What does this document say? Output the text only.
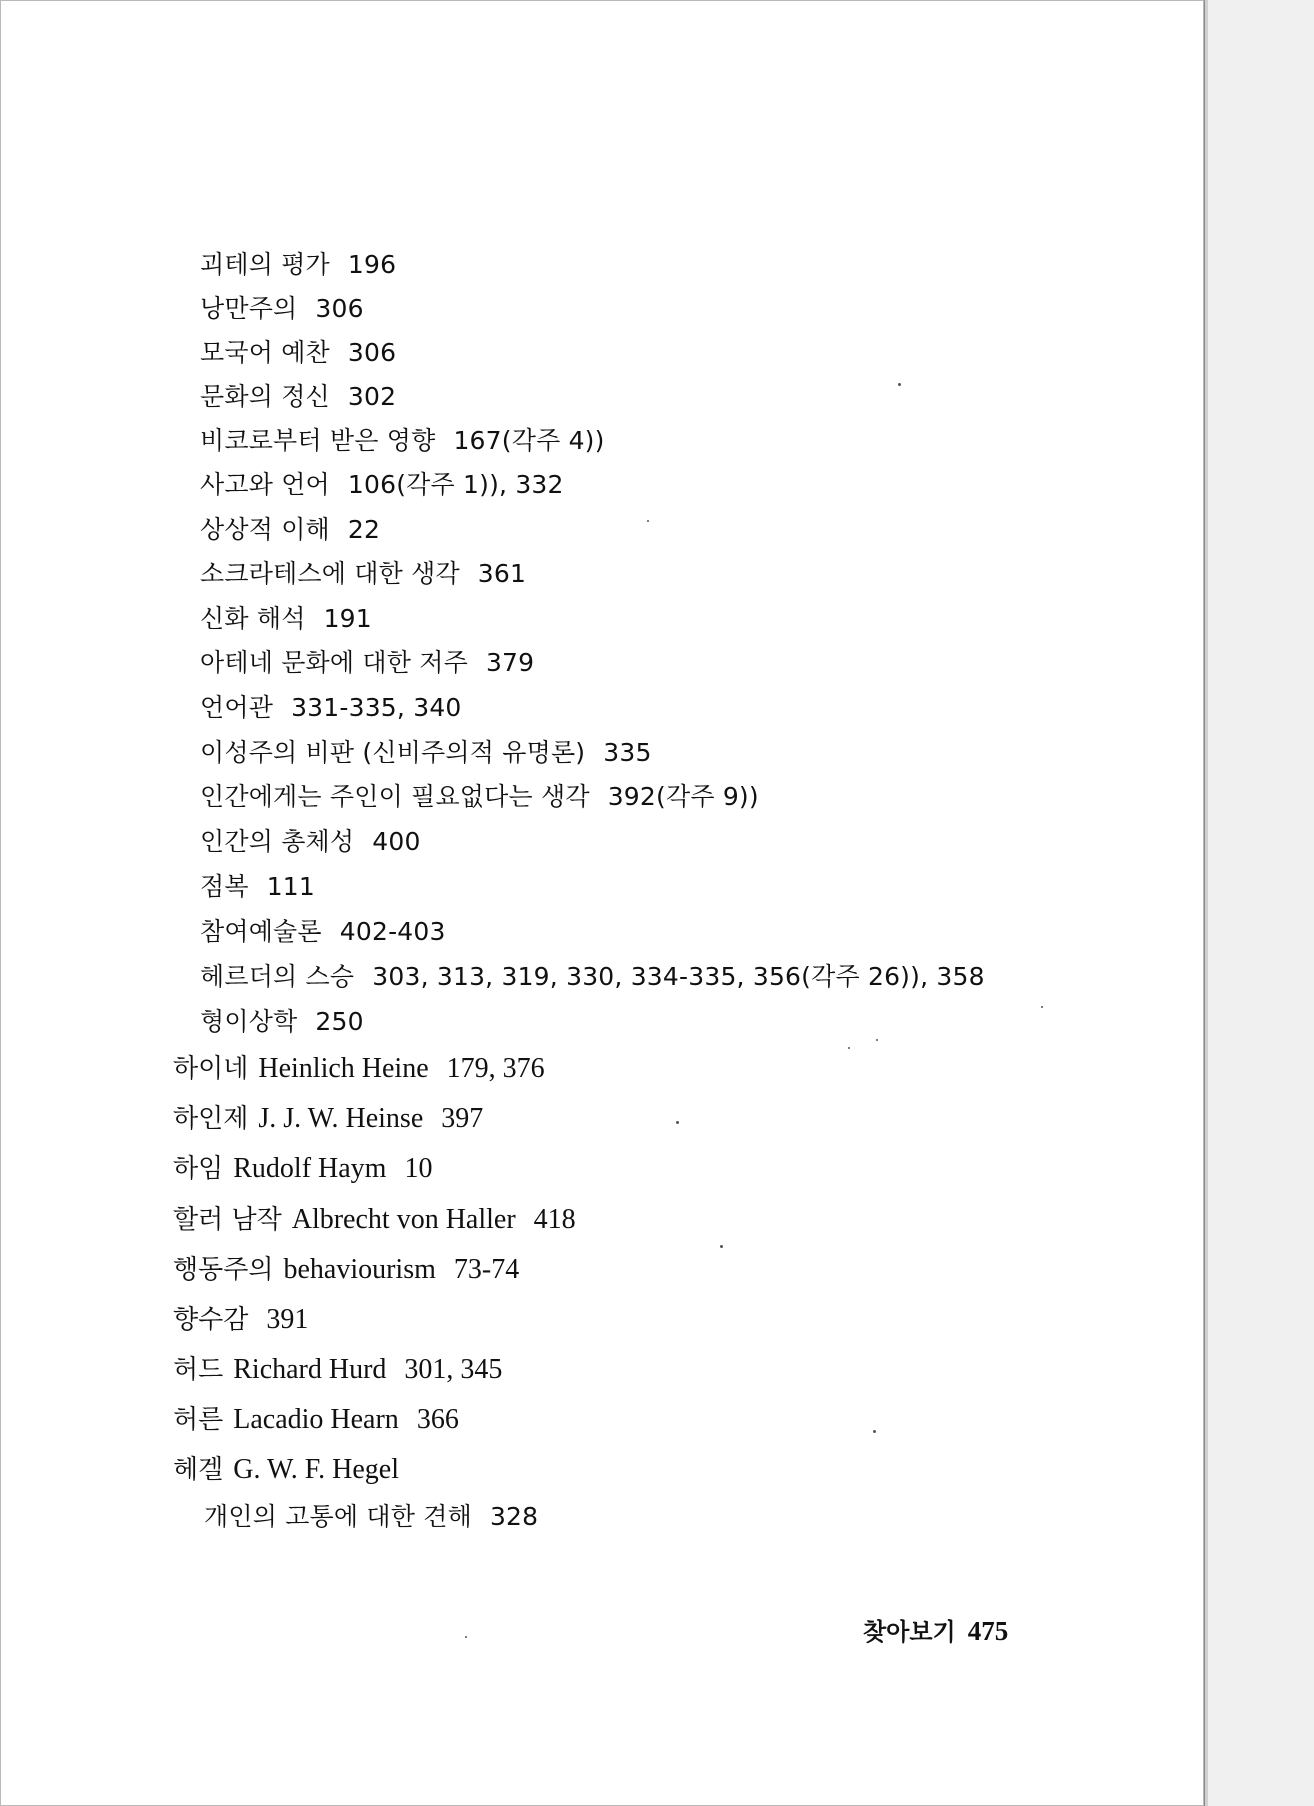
괴테의 평가 196
낭만주의 306
모국어 예찬 306
문화의 정신 302
비코로부터 받은 영향 167(각주 4))
사고와 언어 106(각주 1)), 332
상상적 이해 22
소크라테스에 대한 생각 361
신화 해석 191
아테네 문화에 대한 저주 379
언어관 331-335, 340
이성주의 비판 (신비주의적 유명론) 335
인간에게는 주인이 필요없다는 생각 392(각주 9))
인간의 총체성 400
점복 111
참여예술론 402-403
헤르더의 스승 303, 313, 319, 330, 334-335, 356(각주 26)), 358
형이상학 250
하이네 Heinlich Heine 179, 376
하인제 J. J. W. Heinse 397
하임 Rudolf Haym 10
할러 남작 Albrecht von Haller 418
행동주의 behaviourism 73-74
향수감 391
허드 Richard Hurd 301, 345
허른 Lacadio Hearn 366
헤겔 G. W. F. Hegel
개인의 고통에 대한 견해 328
찾아보기 475
